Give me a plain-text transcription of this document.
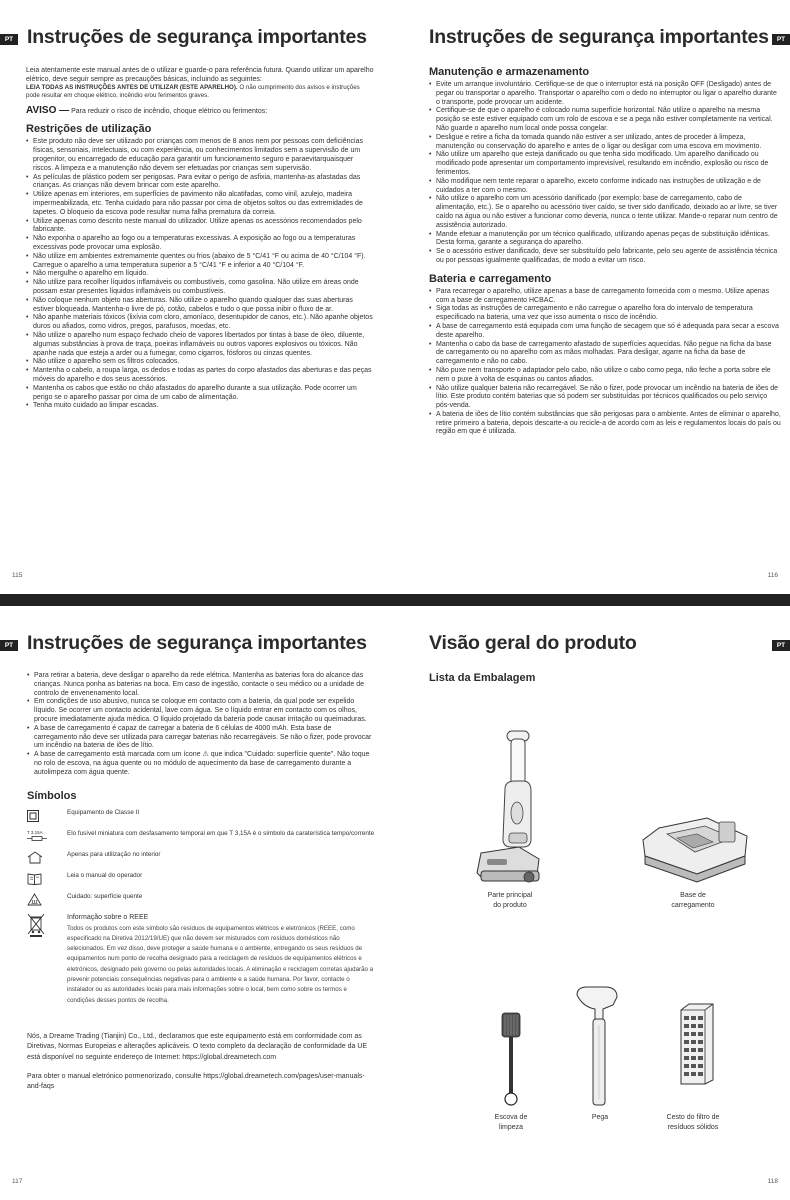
PT Instruções de segurança importantes

Leia atentamente este manual antes de o utilizar e guarde-o para referência futura. Quando utilizar um aparelho elétrico, deve seguir sempre as precauções básicas, incluindo as seguintes:

LEIA TODAS AS INSTRUÇÕES ANTES DE UTILIZAR (ESTE APARELHO). O não cumprimento dos avisos e instruções pode resultar em choque elétrico, incêndio e/ou ferimentos graves.

AVISO — Para reduzir o risco de incêndio, choque elétrico ou ferimentos:
Restrições de utilização
• Este produto não deve ser utilizado por crianças com menos de 8 anos nem por pessoas com deficiências físicas, sensoriais, intelectuais, ou com experiência, ou conhecimentos limitados sem a supervisão de um progenitor, ou encarregado de educação para garantir um funcionamento seguro e paraevitarquaisquer riscos. A limpeza e a manutenção não devem ser efetuadas por crianças sem supervisão.
• As películas de plástico podem ser perigosas. Para evitar o perigo de asfixia, mantenha-as afastadas das crianças. As crianças não devem brincar com este aparelho.
• Utilize apenas em interiores, em superfícies de pavimento não alcatifadas, como vinil, azulejo, madeira impermeabilizada, etc. Tenha cuidado para não passar por cima de objetos soltos ou das extremidades de tapetes. O bloqueio da escova pode resultar numa falha prematura da correia.
• Utilize apenas como descrito neste manual do utilizador. Utilize apenas os acessórios recomendados pelo fabricante.
• Não exponha o aparelho ao fogo ou a temperaturas excessivas. A exposição ao fogo ou a temperaturas excessivas pode provocar uma explosão.
• Não utilize em ambientes extremamente quentes ou frios (abaixo de 5 °C/41 °F ou acima de 40 °C/104 °F). Carregue o aparelho a uma temperatura superior a 5 °C/41 °F e inferior a 40 °C/104 °F.
• Não mergulhe o aparelho em líquido.
• Não utilize para recolher líquidos inflamáveis ou combustíveis, como gasolina. Não utilize em áreas onde possam estar presentes líquidos inflamáveis ou combustíveis.
• Não coloque nenhum objeto nas aberturas. Não utilize o aparelho quando qualquer das suas aberturas estiver bloqueada. Mantenha-o livre de pó, cotão, cabelos e tudo o que possa inibir o fluxo de ar.
• Não apanhe materiais tóxicos (lixívia com cloro, amoníaco, desentupidor de canos, etc.). Não apanhe objetos duros ou afiados, como vidros, pregos, parafusos, moedas, etc.
• Não utilize o aparelho num espaço fechado cheio de vapores libertados por tintas à base de óleo, diluente, algumas substâncias à prova de traça, poeiras inflamáveis ou outros vapores explosivos ou tóxicos. Não apanhe nada que esteja a arder ou a fumegar, como cigarros, fósforos ou cinzas quentes.
• Não utilize o aparelho sem os filtros colocados.
• Mantenha o cabelo, a roupa larga, os dedos e todas as partes do corpo afastados das aberturas e das peças móveis do aparelho e dos seus acessórios.
• Mantenha os cabos que estão no chão afastados do aparelho durante a sua utilização. Pode ocorrer um perigo se o aparelho passar por cima de um cabo de alimentação.
• Tenha muito cuidado ao limpar escadas.
115
PT
Instruções de segurança importantes
Manutenção e armazenamento
• Evite um arranque involuntário. Certifique-se de que o interruptor está na posição OFF (Desligado) antes de pegar ou transportar o aparelho. Transportar o aparelho com o dedo no interruptor ou ligar o aparelho durante o transporte, pode provocar um acidente.
• Certifique-se de que o aparelho é colocado numa superfície horizontal. Não utilize o aparelho na mesma posição se este estiver equipado com um rolo de escova e se a pega não estiver completamente na vertical. Não guarde o aparelho num local onde possa congelar.
• Desligue e retire a ficha da tomada quando não estiver a ser utilizado, antes de proceder à limpeza, manutenção ou conservação do aparelho e antes de o ligar ou desligar com uma escova em movimento.
• Não utilize um aparelho que esteja danificado ou que tenha sido modificado. Um aparelho danificado ou modificado pode apresentar um comportamento imprevisível, resultando em incêndio, explosão ou risco de ferimentos.
• Não modifique nem tente reparar o aparelho, exceto conforme indicado nas instruções de utilização e de cuidados a ter com o mesmo.
• Não utilize o aparelho com um acessório danificado (por exemplo: base de carregamento, cabo de alimentação, etc.). Se o aparelho ou acessório tiver caído, se tiver sido danificado, deixado ao ar livre, se tiver caído na água ou não estiver a funcionar como deveria, nunca o tente utilizar. Mande-o reparar num centro de assistência autorizado.
• Mande efetuar a manutenção por um técnico qualificado, utilizando apenas peças de substituição idênticas. Desta forma, garante a segurança do aparelho.
• Se o acessório estiver danificado, deve ser substituído pelo fabricante, pelo seu agente de assistência técnica ou por pessoas igualmente qualificadas, de modo a evitar um risco.
Bateria e carregamento
• Para recarregar o aparelho, utilize apenas a base de carregamento fornecida com o mesmo. Utilize apenas com a base de carregamento HCBAC.
• Siga todas as instruções de carregamento e não carregue o aparelho fora do intervalo de temperatura especificado na bateria, uma vez que isso aumenta o risco de incêndio.
• A base de carregamento está equipada com uma função de secagem que só é adequada para secar a escova deste aparelho.
• Mantenha o cabo da base de carregamento afastado de superfícies aquecidas. Não pegue na ficha da base de carregamento ou no aparelho com as mãos molhadas. Para desligar, agarre na ficha da base de carregamento e não no cabo.
• Não puxe nem transporte o adaptador pelo cabo, não utilize o cabo como pega, não feche a porta sobre ele nem o puxe à volta de esquinas ou cantos afiados.
• Não utilize qualquer bateria não recarregável. Se não o fizer, pode provocar um incêndio na bateria de iões de lítio. Este produto contém baterias que só podem ser substituídas por técnicos qualificados ou pelo serviço pós-venda.
• A bateria de iões de lítio contém substâncias que são perigosas para o ambiente. Antes de eliminar o aparelho, retire primeiro a bateria, depois descarte-a ou recicle-a de acordo com as leis e regulamentos locais do país ou região em que é utilizada.
116
PT Instruções de segurança importantes
• Para retirar a bateria, deve desligar o aparelho da rede elétrica. Mantenha as baterias fora do alcance das crianças. Nunca ponha as baterias na boca. Em caso de ingestão, contacte o seu médico ou a unidade de controlo de envenenamento local.
• Em condições de uso abusivo, nunca se coloque em contacto com a bateria, da qual pode ser expelido líquido. Se ocorrer um contacto acidental, lave com água. Se o líquido entrar em contacto com os olhos, procure imediatamente ajuda médica. O líquido projetado da bateria pode causar irritação ou queimaduras.
• A base de carregamento é capaz de carregar a bateria de 6 células de 4000 mAh. Esta base de carregamento não deve ser utilizada para carregar baterias não recarregáveis. Se não o fizer, pode provocar um incêndio na bateria de iões de lítio.
• A base de carregamento está marcada com um ícone ⚠ que indica "Cuidado: superfície quente". Não toque no rolo de escova, na água quente ou no módulo de aquecimento da base de carregamento durante a autolimpeza com água quente.
Símbolos
Equipamento de Classe II
T 3,15A	Elo fusível miniatura com desfasamento temporal em que T 3,15A é o símbolo da caraterística tempo/corrente
Apenas para utilização no interior
Leia o manual do operador
Cuidado: superfície quente
Informação sobre o REEE
Todos os produtos com este símbolo são resíduos de equipamentos elétricos e eletrónicos (REEE, como especificado na Diretiva 2012/19/UE) que não devem ser misturados com resíduos domésticos não selecionados. Em vez disso, deve proteger a saúde humana e o ambiente, entregando os seus resíduos de equipamentos num ponto de recolha designado para a reciclagem de resíduos de equipamentos elétricos e eletrónicos, designado pelo governo ou pelas autoridades locais. A eliminação e reciclagem corretas ajudarão a prevenir potenciais consequências negativas para o ambiente e a saúde humana. Por favor, contacte o instalador ou as autoridades locais para mais informações sobre o local, bem como sobre os termos e condições desses pontos de recolha.

Nós, a Dreame Trading (Tianjin) Co., Ltd., declaramos que este equipamento está em conformidade com as Diretivas, Normas Europeias e alterações aplicáveis. O texto completo da declaração de conformidade da UE está disponível no seguinte endereço de Internet: https://global.dreametech.com

Para obter o manual eletrónico pormenorizado, consulte https://global.dreametech.com/pages/user-manuals-and-faqs

117
PT
Visão geral do produto
Lista da Embalagem
Parte principal
do produto
Base de
carregamento
Escova de
limpeza
Pega	Cesto do filtro de
resíduos sólidos
118
